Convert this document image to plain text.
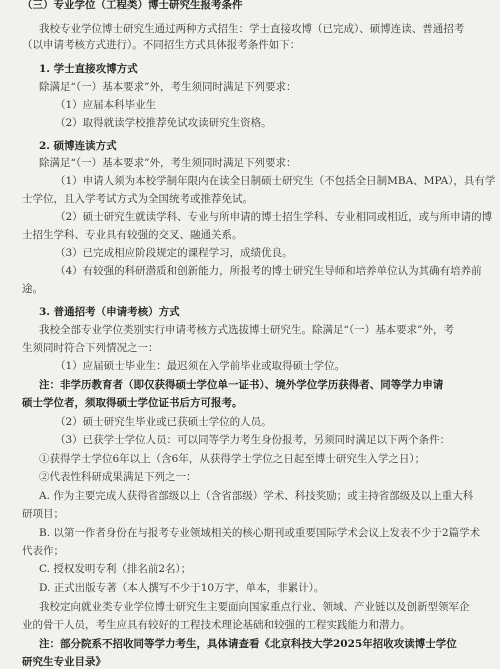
（三）专业学位（工程类）博士研究生报考条件
我校专业学位博士研究生通过两种方式招生：学士直接攻博（已完成）、硕博连读、普通招考
（以申请考核方式进行）。不同招生方式具体报考条件如下：
1. 学士直接攻博方式
除满足“（一）基本要求”外，考生须同时满足下列要求：
（1）应届本科毕业生
（2）取得就读学校推荐免试攻读研究生资格。
2. 硕博连读方式
除满足“（一）基本要求”外，考生须同时满足下列要求：
（1）申请人须为本校学制年限内在读全日制硕士研究生（不包括全日制MBA、MPA），具有学
士学位，且入学考试方式为全国统考或推荐免试。
（2）硕士研究生就读学科、专业与所申请的博士招生学科、专业相同或相近，或与所申请的博
士招生学科、专业具有较强的交叉、融通关系。
（3）已完成相应阶段规定的课程学习，成绩优良。
（4）有较强的科研潜质和创新能力，所报考的博士研究生导师和培养单位认为其确有培养前
途。
3. 普通招考（申请考核）方式
我校全部专业学位类别实行申请考核方式选拔博士研究生。除满足“（一）基本要求”外，考
生须同时符合下列情况之一：
（1）应届硕士毕业生：最迟须在入学前毕业或取得硕士学位。
注：非学历教育者（即仅获得硕士学位单一证书）、境外学位学历获得者、同等学力申请
硕士学位者，须取得硕士学位证书后方可报考。
（2）硕士研究生毕业或已获硕士学位的人员。
（3）已获学士学位人员：可以同等学力考生身份报考，另须同时满足以下两个条件：
①获得学士学位6年以上（含6年，从获得学士学位之日起至博士研究生入学之日）；
②代表性科研成果满足下列之一：
A. 作为主要完成人获得省部级以上（含省部级）学术、科技奖励；或主持省部级及以上重大科
研项目；
B. 以第一作者身份在与报考专业领域相关的核心期刊或重要国际学术会议上发表不少于2篇学术
代表作；
C. 授权发明专利（排名前2名）；
D. 正式出版专著（本人撰写不少于10万字，单本，非累计）。
我校定向就业类专业学位博士研究生主要面向国家重点行业、领域、产业链以及创新型领军企
业的骨干人员，考生应具有较好的工程技术理论基础和较强的工程实践能力和潜力。
注：部分院系不招收同等学力考生，具体请查看《北京科技大学2025年招收攻读博士学位
研究生专业目录》
